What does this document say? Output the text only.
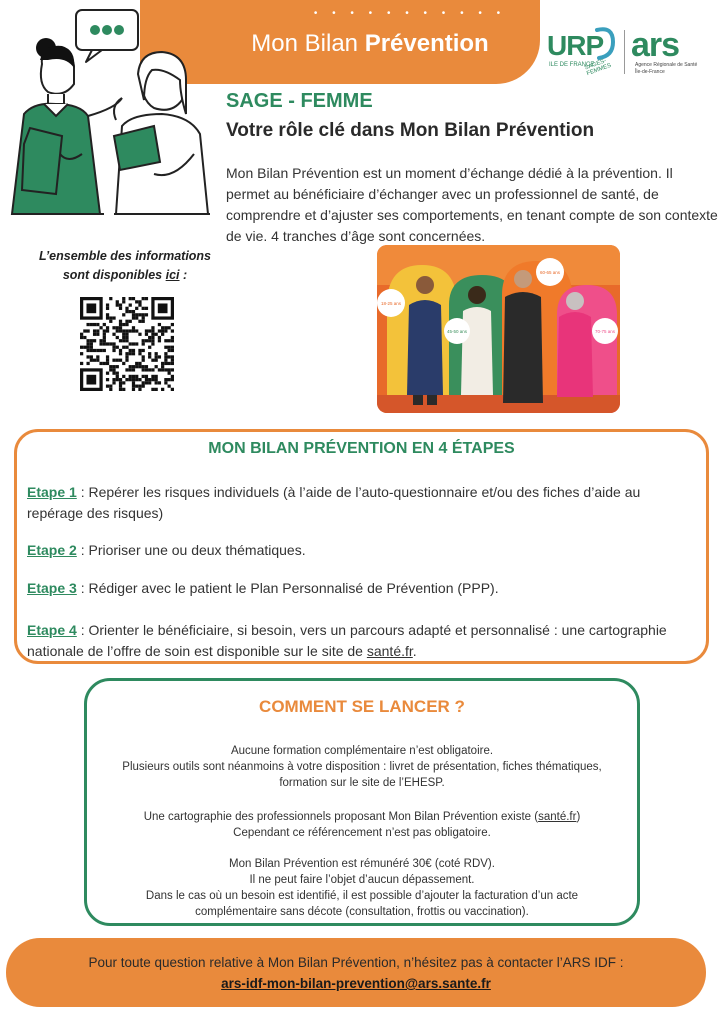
• • • • • • • • • • •
Mon Bilan Prévention	URP
ILE DE FRANCE
SAGES-FEMMES
ars
Agence Régionale de Santé
Île-de-France
SAGE - FEMME
Votre rôle clé dans Mon Bilan Prévention

Mon Bilan Prévention est un moment d’échange dédié à la prévention. Il permet au bénéficiaire d’échanger avec un professionnel de santé, de comprendre et d’ajuster ses comportements, en tenant compte de son contexte de vie. 4 tranches d’âge sont concernées.

L’ensemble des informations
sont disponibles ici :
18-25 ans
45-50 ans
60-65 ans
70-75 ans
MON BILAN PRÉVENTION EN 4 ÉTAPES
Etape 1 : Repérer les risques individuels (à l’aide de l’auto-questionnaire et/ou des fiches d’aide au repérage des risques)
Etape 2 : Prioriser une ou deux thématiques.
Etape 3 : Rédiger avec le patient le Plan Personnalisé de Prévention (PPP).
Etape 4 : Orienter le bénéficiaire, si besoin, vers un parcours adapté et personnalisé : une cartographie nationale de l’offre de soin est disponible sur le site de santé.fr.
COMMENT SE LANCER ?
Aucune formation complémentaire n’est obligatoire.
Plusieurs outils sont néanmoins à votre disposition : livret de présentation, fiches thématiques, formation sur le site de l’EHESP.
Une cartographie des professionnels proposant Mon Bilan Prévention existe (santé.fr)
Cependant ce référencement n’est pas obligatoire.
Mon Bilan Prévention est rémunéré 30€ (coté RDV).
Il ne peut faire l’objet d’aucun dépassement.
Dans le cas où un besoin est identifié, il est possible d’ajouter la facturation d’un acte complémentaire sans décote (consultation, frottis ou vaccination).
Pour toute question relative à Mon Bilan Prévention, n’hésitez pas à contacter l’ARS IDF :
ars-idf-mon-bilan-prevention@ars.sante.fr
